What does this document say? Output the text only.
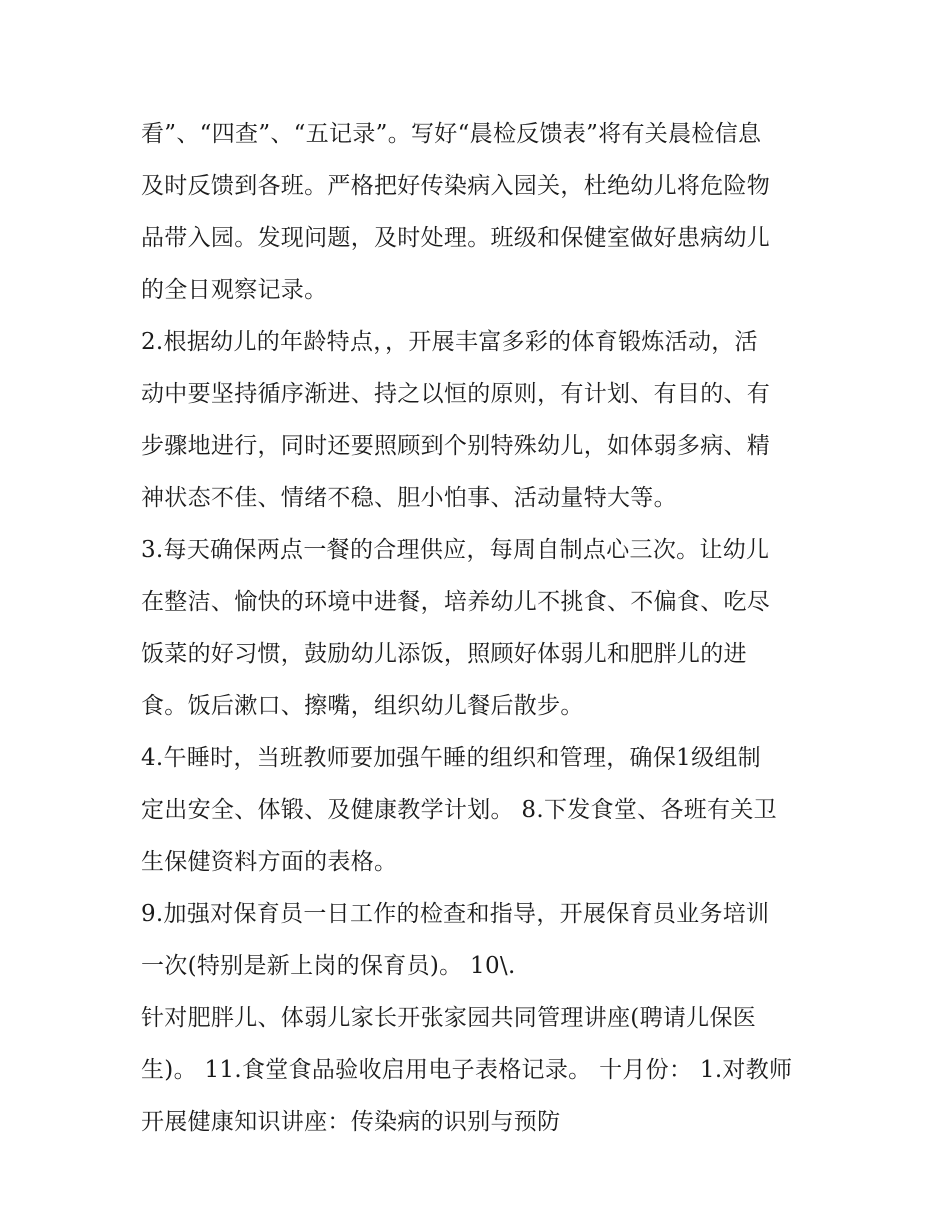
看”、“四查”、“五记录”。写好“晨检反馈表”将有关晨检信息
及时反馈到各班。严格把好传染病入园关，杜绝幼儿将危险物
品带入园。发现问题，及时处理。班级和保健室做好患病幼儿
的全日观察记录。
2.根据幼儿的年龄特点，，开展丰富多彩的体育锻炼活动，活
动中要坚持循序渐进、持之以恒的原则，有计划、有目的、有
步骤地进行，同时还要照顾到个别特殊幼儿，如体弱多病、精
神状态不佳、情绪不稳、胆小怕事、活动量特大等。
3.每天确保两点一餐的合理供应，每周自制点心三次。让幼儿
在整洁、愉快的环境中进餐，培养幼儿不挑食、不偏食、吃尽
饭菜的好习惯，鼓励幼儿添饭，照顾好体弱儿和肥胖儿的进
食。饭后漱口、擦嘴，组织幼儿餐后散步。
4.午睡时，当班教师要加强午睡的组织和管理，确保1级组制
定出安全、体锻、及健康教学计划。 8.下发食堂、各班有关卫
生保健资料方面的表格。
9.加强对保育员一日工作的检查和指导，开展保育员业务培训
一次(特别是新上岗的保育员)。 10\.
针对肥胖儿、体弱儿家长开张家园共同管理讲座(聘请儿保医
生)。 11.食堂食品验收启用电子表格记录。 十月份： 1.对教师
开展健康知识讲座：传染病的识别与预防
